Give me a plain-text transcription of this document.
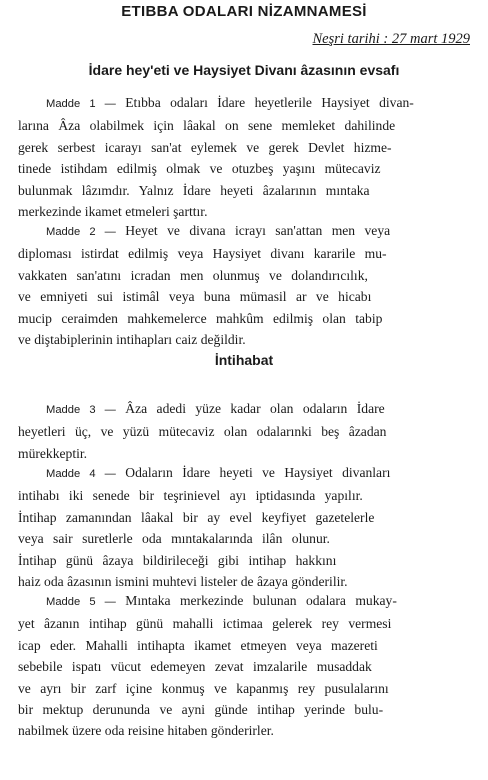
ETIBBA ODALARI NİZAMNAMESİ
Neşri tarihi : 27 mart 1929
İdare hey'eti ve Haysiyet Divanı âzasının evsafı
Madde 1 — Etıbba odaları İdare heyetlerile Haysiyet divan-
larına Âza olabilmek için lâakal on sene memleket dahilinde
gerek serbest icarayı san'at eylemek ve gerek Devlet hizme-
tinede istihdam edilmiş olmak ve otuzbeş yaşını mütecaviz
bulunmak lâzımdır. Yalnız İdare heyeti âzalarının mıntaka
merkezinde ikamet etmeleri şarttır.
Madde 2 — Heyet ve divana icrayı san'attan men veya
diploması istirdat edilmiş veya Haysiyet divanı kararile mu-
vakkaten san'atını icradan men olunmuş ve dolandırıcılık,
ve emniyeti sui istimâl veya buna mümasil ar ve hicabı
mucip ceraimden mahkemelerce mahkûm edilmiş olan tabip
ve diştabiplerinin intihapları caiz değildir.
İntihabat
Madde 3 — Âza adedi yüze kadar olan odaların İdare
heyetleri üç, ve yüzü mütecaviz olan odalarınki beş âzadan
mürekkeptir.
Madde 4 — Odaların İdare heyeti ve Haysiyet divanları
intihabı iki senede bir teşrinievel ayı iptidasında yapılır.
İntihap zamanından lâakal bir ay evel keyfiyet gazetelerle
veya sair suretlerle oda mıntakalarında ilân olunur.
İntihap günü âzaya bildirileceği gibi intihap hakkını
haiz oda âzasının ismini muhtevi listeler de âzaya gönderilir.
Madde 5 — Mıntaka merkezinde bulunan odalara mukay-
yet âzanın intihap günü mahalli ictimaa gelerek rey vermesi
icap eder. Mahalli intihapta ikamet etmeyen veya mazereti
sebebile ispatı vücut edemeyen zevat imzalarile musaddak
ve ayrı bir zarf içine konmuş ve kapanmış rey pusulalarını
bir mektup derununda ve ayni günde intihap yerinde bulu-
nabilmek üzere oda reisine hitaben gönderirler.
